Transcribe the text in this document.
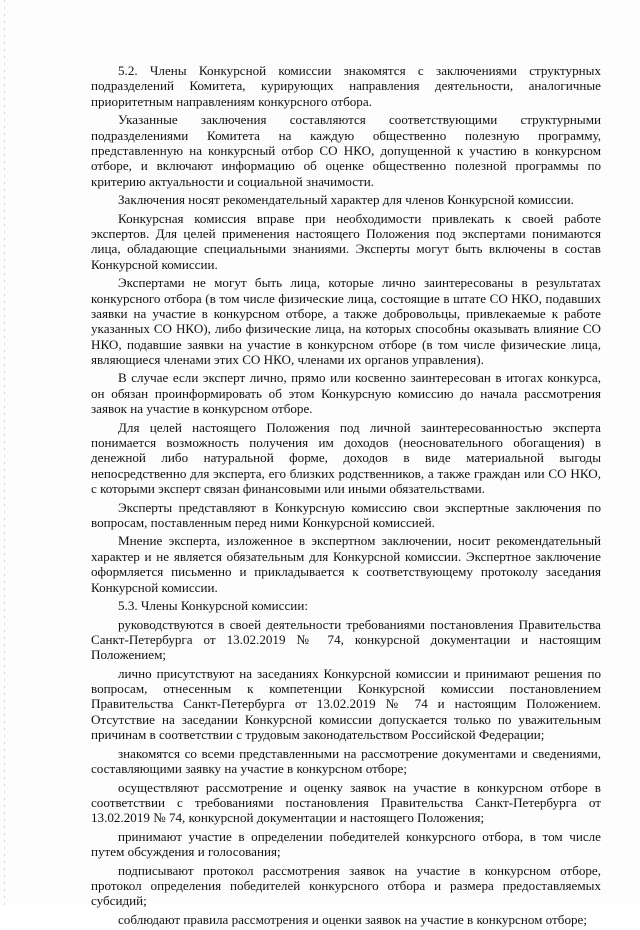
5.2. Члены Конкурсной комиссии знакомятся с заключениями структурных подразделений Комитета, курирующих направления деятельности, аналогичные приоритетным направлениям конкурсного отбора.

Указанные заключения составляются соответствующими структурными подразделениями Комитета на каждую общественно полезную программу, представленную на конкурсный отбор СО НКО, допущенной к участию в конкурсном отборе, и включают информацию об оценке общественно полезной программы по критерию актуальности и социальной значимости.

Заключения носят рекомендательный характер для членов Конкурсной комиссии.

Конкурсная комиссия вправе при необходимости привлекать к своей работе экспертов. Для целей применения настоящего Положения под экспертами понимаются лица, обладающие специальными знаниями. Эксперты могут быть включены в состав Конкурсной комиссии.

Экспертами не могут быть лица, которые лично заинтересованы в результатах конкурсного отбора (в том числе физические лица, состоящие в штате СО НКО, подавших заявки на участие в конкурсном отборе, а также добровольцы, привлекаемые к работе указанных СО НКО), либо физические лица, на которых способны оказывать влияние СО НКО, подавшие заявки на участие в конкурсном отборе (в том числе физические лица, являющиеся членами этих СО НКО, членами их органов управления).

В случае если эксперт лично, прямо или косвенно заинтересован в итогах конкурса, он обязан проинформировать об этом Конкурсную комиссию до начала рассмотрения заявок на участие в конкурсном отборе.

Для целей настоящего Положения под личной заинтересованностью эксперта понимается возможность получения им доходов (неосновательного обогащения) в денежной либо натуральной форме, доходов в виде материальной выгоды непосредственно для эксперта, его близких родственников, а также граждан или СО НКО, с которыми эксперт связан финансовыми или иными обязательствами.

Эксперты представляют в Конкурсную комиссию свои экспертные заключения по вопросам, поставленным перед ними Конкурсной комиссией.

Мнение эксперта, изложенное в экспертном заключении, носит рекомендательный характер и не является обязательным для Конкурсной комиссии. Экспертное заключение оформляется письменно и прикладывается к соответствующему протоколу заседания Конкурсной комиссии.

5.3. Члены Конкурсной комиссии:

руководствуются в своей деятельности требованиями постановления Правительства Санкт-Петербурга от 13.02.2019 № 74, конкурсной документации и настоящим Положением;

лично присутствуют на заседаниях Конкурсной комиссии и принимают решения по вопросам, отнесенным к компетенции Конкурсной комиссии постановлением Правительства Санкт-Петербурга от 13.02.2019 № 74 и настоящим Положением. Отсутствие на заседании Конкурсной комиссии допускается только по уважительным причинам в соответствии с трудовым законодательством Российской Федерации;

знакомятся со всеми представленными на рассмотрение документами и сведениями, составляющими заявку на участие в конкурсном отборе;

осуществляют рассмотрение и оценку заявок на участие в конкурсном отборе в соответствии с требованиями постановления Правительства Санкт-Петербурга от 13.02.2019 № 74, конкурсной документации и настоящего Положения;

принимают участие в определении победителей конкурсного отбора, в том числе путем обсуждения и голосования;

подписывают протокол рассмотрения заявок на участие в конкурсном отборе, протокол определения победителей конкурсного отбора и размера предоставляемых субсидий;

соблюдают правила рассмотрения и оценки заявок на участие в конкурсном отборе;
